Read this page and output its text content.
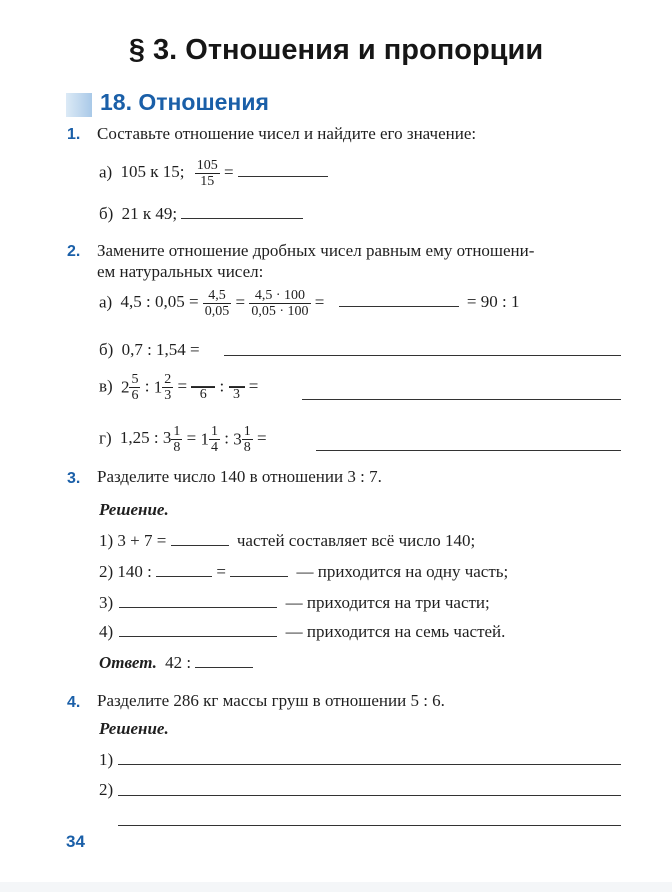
§ 3. Отношения и пропорции
18. Отношения
1. Составьте отношение чисел и найдите его значение:
а) 105 к 15; $\frac{105}{15}$ =
б) 21 к 49;
2. Замените отношение дробных чисел равным ему отношени-
ем натуральных чисел:
а) 4,5 : $0,05 = \frac{4,5}{0,05} = \frac{4,5 \cdot 100}{0,05 \cdot 100}$ =	= 90 : 1
б) 0,7 : 1,54 =
в) $2 \frac{5}{6}$ : $1 \frac{2}{3} = 6$ : 3 =
г) 1,25 : $3 \frac{1}{8} = 1 \frac{1}{4}$ : $3 \frac{1}{8}$ =
3. Разделите число 140 в отношении 3 : 7.
Решение.
1) 3 + 7 =	частей составляет всё число 140;
2) 140 :	=	— приходится на одну часть;
3)	— приходится на три части;
4)	— приходится на семь частей.
Ответ. 42 :
4. Разделите 286 кг массы груш в отношении 5 : 6.
Решение.
1)
2)
34
